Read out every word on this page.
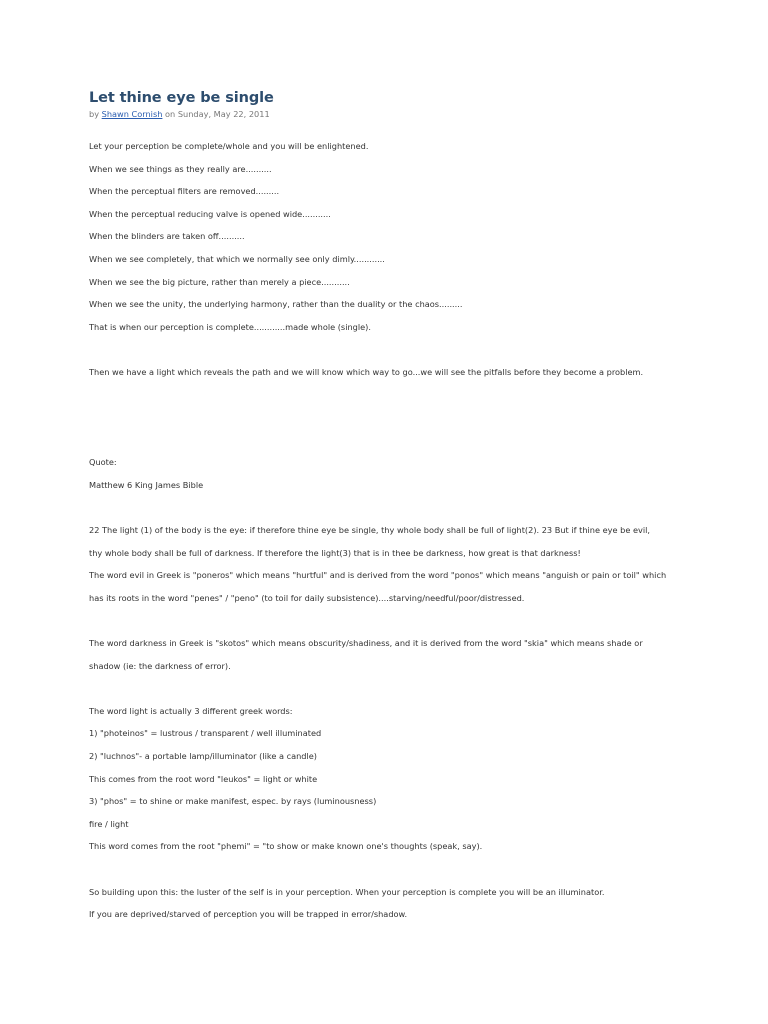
Let thine eye be single

by Shawn Cornish on Sunday, May 22, 2011

Let your perception be complete/whole and you will be enlightened.
When we see things as they really are..........
When the perceptual filters are removed.........
When the perceptual reducing valve is opened wide...........
When the blinders are taken off..........
When we see completely, that which we normally see only dimly............
When we see the big picture, rather than merely a piece...........
When we see the unity, the underlying harmony, rather than the duality or the chaos.........
That is when our perception is complete............made whole (single).
Then we have a light which reveals the path and we will know which way to go...we will see the pitfalls before they become a problem.
Quote:
Matthew 6 King James Bible
22 The light (1) of the body is the eye: if therefore thine eye be single, thy whole body shall be full of light(2). 23 But if thine eye be evil,
thy whole body shall be full of darkness. If therefore the light(3) that is in thee be darkness, how great is that darkness!
The word evil in Greek is "poneros" which means "hurtful" and is derived from the word "ponos" which means "anguish or pain or toil" which
has its roots in the word "penes" / "peno" (to toil for daily subsistence)....starving/needful/poor/distressed.
The word darkness in Greek is "skotos" which means obscurity/shadiness, and it is derived from the word "skia" which means shade or
shadow (ie: the darkness of error).
The word light is actually 3 different greek words:
1) "photeinos" = lustrous / transparent / well illuminated
2) "luchnos"- a portable lamp/illuminator (like a candle)
This comes from the root word "leukos" = light or white
3) "phos" = to shine or make manifest, espec. by rays (luminousness)
fire / light
This word comes from the root "phemi" = "to show or make known one's thoughts (speak, say).
So building upon this: the luster of the self is in your perception. When your perception is complete you will be an illuminator.
If you are deprived/starved of perception you will be trapped in error/shadow.
